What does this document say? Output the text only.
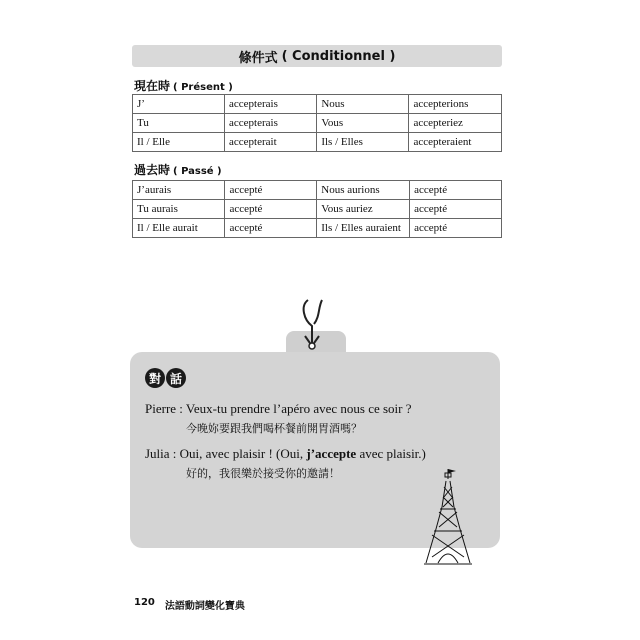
條件式 ( Conditionnel )
現在時 ( Présent )
J’	accepterais	Nous	accepterions
Tu	accepterais	Vous	accepteriez
Il / Elle	accepterait	Ils / Elles	accepteraient
過去時 ( Passé )
J’aurais	accepté	Nous aurions	accepté
Tu aurais	accepté	Vous auriez	accepté
Il / Elle aurait	accepté	Ils / Elles auraient	accepté
對 話
Pierre : Veux-tu prendre l’apéro avec nous ce soir ?
今晚妳要跟我們喝杯餐前開胃酒嗎？
Julia : Oui, avec plaisir ! (Oui, j’accepte avec plaisir.)
好的，我很樂於接受你的邀請！
120 法語動詞變化寶典
